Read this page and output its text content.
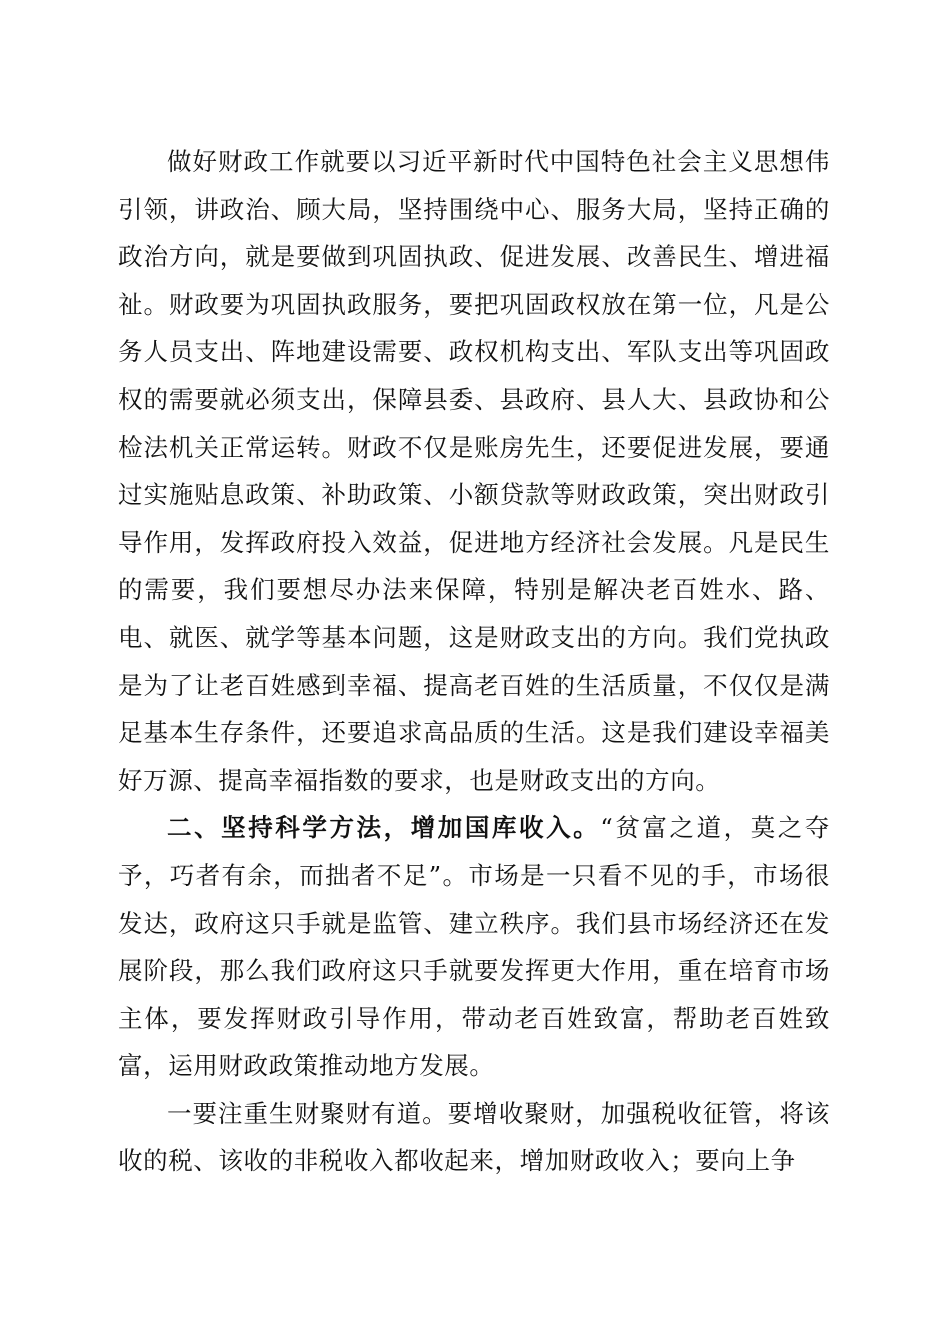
做好财政工作就要以习近平新时代中国特色社会主义思想伟引领，讲政治、顾大局，坚持围绕中心、服务大局，坚持正确的政治方向，就是要做到巩固执政、促进发展、改善民生、增进福祉。财政要为巩固执政服务，要把巩固政权放在第一位，凡是公务人员支出、阵地建设需要、政权机构支出、军队支出等巩固政权的需要就必须支出，保障县委、县政府、县人大、县政协和公检法机关正常运转。财政不仅是账房先生，还要促进发展，要通过实施贴息政策、补助政策、小额贷款等财政政策，突出财政引导作用，发挥政府投入效益，促进地方经济社会发展。凡是民生的需要，我们要想尽办法来保障，特别是解决老百姓水、路、电、就医、就学等基本问题，这是财政支出的方向。我们党执政是为了让老百姓感到幸福、提高老百姓的生活质量，不仅仅是满足基本生存条件，还要追求高品质的生活。这是我们建设幸福美好万源、提高幸福指数的要求，也是财政支出的方向。

二、坚持科学方法，增加国库收入。“贫富之道，莫之夺予，巧者有余，而拙者不足”。市场是一只看不见的手，市场很发达，政府这只手就是监管、建立秩序。我们县市场经济还在发展阶段，那么我们政府这只手就要发挥更大作用，重在培育市场主体，要发挥财政引导作用，带动老百姓致富，帮助老百姓致富，运用财政政策推动地方发展。

一要注重生财聚财有道。要增收聚财，加强税收征管，将该收的税、该收的非税收入都收起来，增加财政收入；要向上争
